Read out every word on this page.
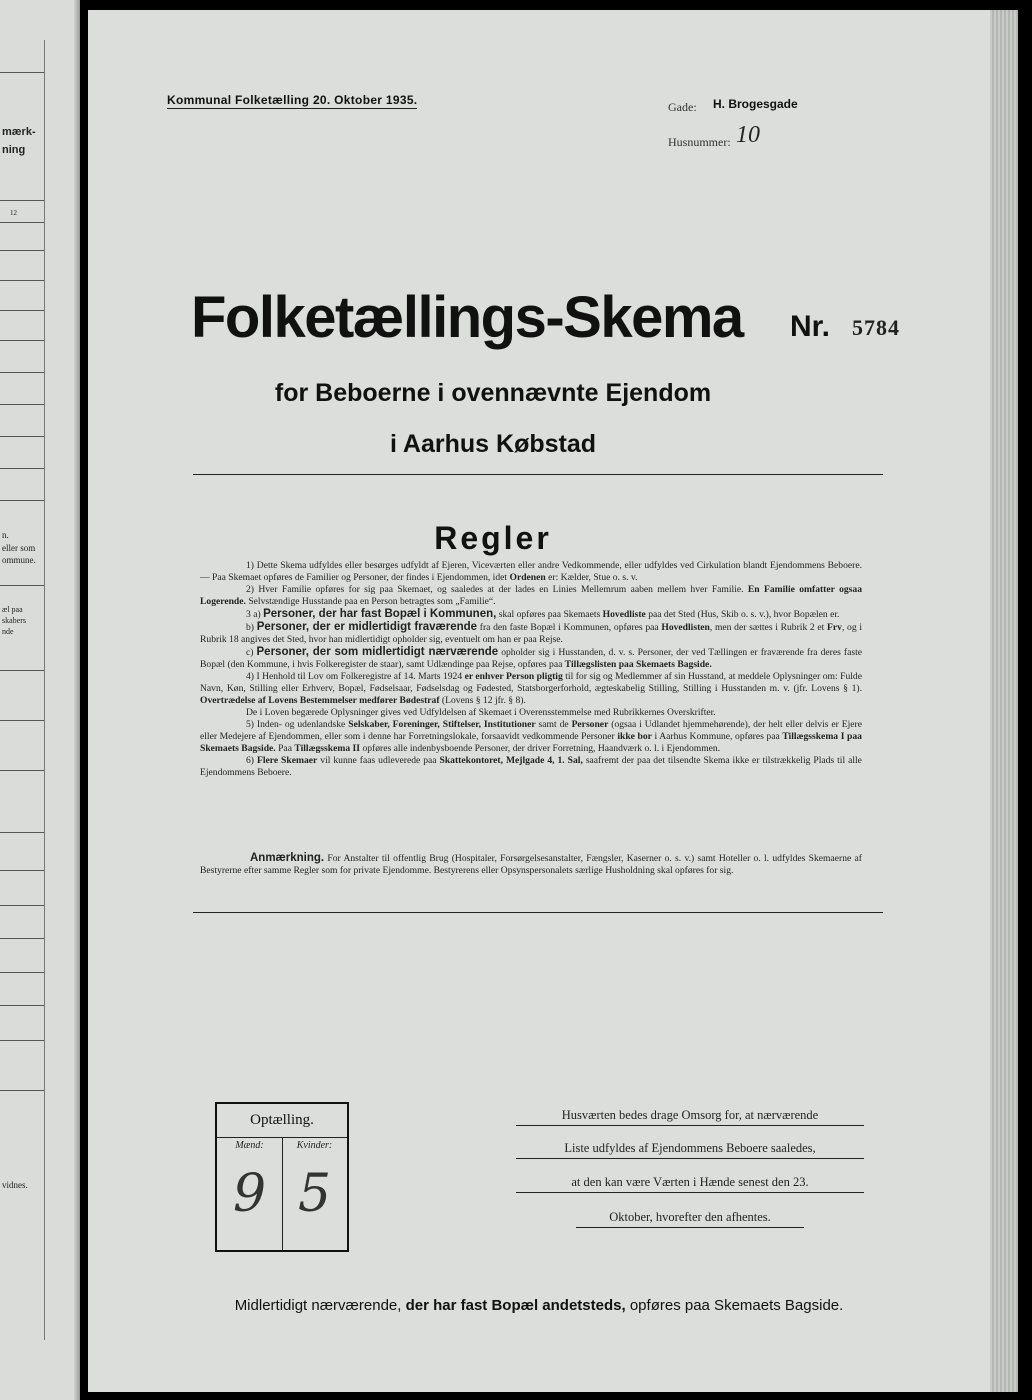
mærk-
ning
12
n.
eller som
ommune.
æl paa
skabers
nde
vidnes.
Kommunal Folketælling 20. Oktober 1935.	Gade: H. Brogesgade
Husnummer: 10
Folketællings-Skema Nr. 5784
for Beboerne i ovennævnte Ejendom
i Aarhus Købstad
Regler

1) Dette Skema udfyldes eller besørges udfyldt af Ejeren, Viceværten eller andre Vedkommende, eller udfyldes ved Cirkulation blandt Ejendommens Beboere. — Paa Skemaet opføres de Familier og Personer, der findes i Ejendommen, idet Ordenen er: Kælder, Stue o. s. v.

2) Hver Familie opføres for sig paa Skemaet, og saaledes at der lades en Linies Mellemrum aaben mellem hver Familie. En Familie omfatter ogsaa Logerende. Selvstændige Husstande paa en Person betragtes som „Familie“.

3 a) Personer, der har fast Bopæl i Kommunen, skal opføres paa Skemaets Hovedliste paa det Sted (Hus, Skib o. s. v.), hvor Bopælen er.

b) Personer, der er midlertidigt fraværende fra den faste Bopæl i Kommunen, opføres paa Hovedlisten, men der sættes i Rubrik 2 et Frv, og i Rubrik 18 angives det Sted, hvor han midlertidigt opholder sig, eventuelt om han er paa Rejse.

c) Personer, der som midlertidigt nærværende opholder sig i Husstanden, d. v. s. Personer, der ved Tællingen er fraværende fra deres faste Bopæl (den Kommune, i hvis Folkeregister de staar), samt Udlændinge paa Rejse, opføres paa Tillægslisten paa Skemaets Bagside.

4) I Henhold til Lov om Folkeregistre af 14. Marts 1924 er enhver Person pligtig til for sig og Medlemmer af sin Husstand, at meddele Oplysninger om: Fulde Navn, Køn, Stilling eller Erhverv, Bopæl, Fødselsaar, Fødselsdag og Fødested, Statsborgerforhold, ægteskabelig Stilling, Stilling i Husstanden m. v. (jfr. Lovens § 1). Overtrædelse af Lovens Bestemmelser medfører Bødestraf (Lovens § 12 jfr. § 8).

De i Loven begærede Oplysninger gives ved Udfyldelsen af Skemaet i Overensstemmelse med Rubrikkernes Overskrifter.

5) Inden- og udenlandske Selskaber, Foreninger, Stiftelser, Institutioner samt de Personer (ogsaa i Udlandet hjemmehørende), der helt eller delvis er Ejere eller Medejere af Ejendommen, eller som i denne har Forretningslokale, forsaavidt vedkommende Personer ikke bor i Aarhus Kommune, opføres paa Tillægsskema I paa Skemaets Bagside. Paa Tillægsskema II opføres alle indenbysboende Personer, der driver Forretning, Haandværk o. l. i Ejendommen.

6) Flere Skemaer vil kunne faas udleverede paa Skattekontoret, Mejlgade 4, 1. Sal, saafremt der paa det tilsendte Skema ikke er tilstrækkelig Plads til alle Ejendommens Beboere.

Anmærkning. For Anstalter til offentlig Brug (Hospitaler, Forsørgelsesanstalter, Fængsler, Kaserner o. s. v.) samt Hoteller o. l. udfyldes Skemaerne af Bestyrerne efter samme Regler som for private Ejendomme. Bestyrerens eller Opsynspersonalets særlige Husholdning skal opføres for sig.
Optælling.
Mænd:	Kvinder:
9 5
Husværten bedes drage Omsorg for, at nærværende
Liste udfyldes af Ejendommens Beboere saaledes,
at den kan være Værten i Hænde senest den 23.
Oktober, hvorefter den afhentes.
Midlertidigt nærværende, der har fast Bopæl andetsteds, opføres paa Skemaets Bagside.
